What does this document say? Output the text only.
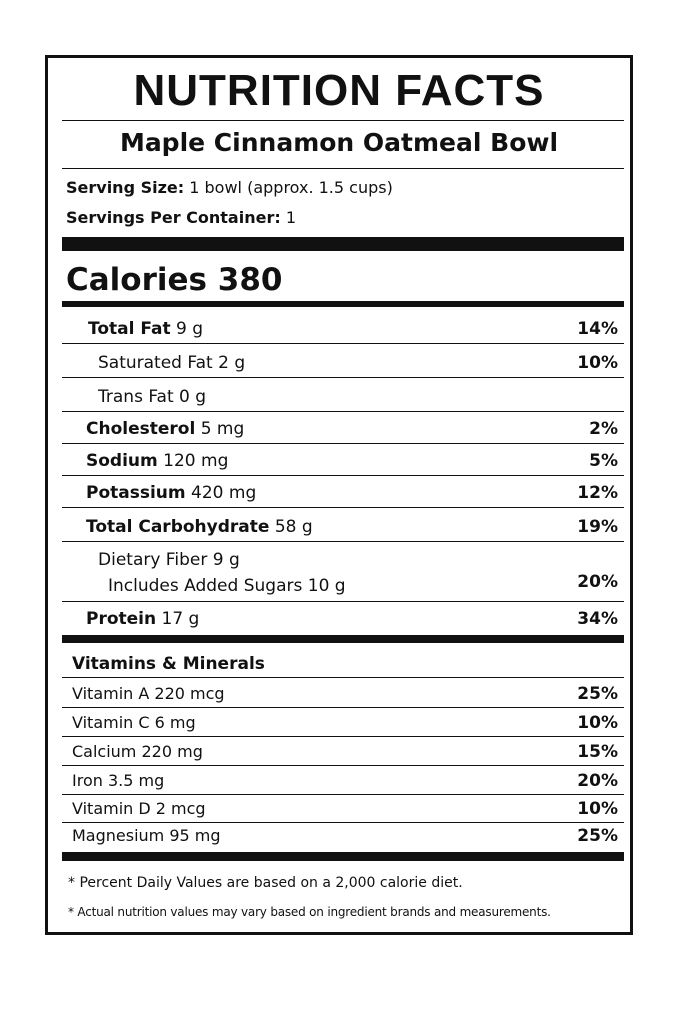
NUTRITION FACTS
Maple Cinnamon Oatmeal Bowl
Serving Size: 1 bowl (approx. 1.5 cups)
Servings Per Container: 1
Calories 380
Total Fat 9 g	14%
Saturated Fat 2 g	10%
Trans Fat 0 g
Cholesterol 5 mg	2%
Sodium 120 mg	5%
Potassium 420 mg	12%
Total Carbohydrate 58 g	19%
Dietary Fiber 9 g
Includes Added Sugars 10 g	20%
Protein 17 g	34%
Vitamins & Minerals
Vitamin A 220 mcg	25%
Vitamin C 6 mg	10%
Calcium 220 mg	15%
Iron 3.5 mg	20%
Vitamin D 2 mcg	10%
Magnesium 95 mg	25%
* Percent Daily Values are based on a 2,000 calorie diet.
* Actual nutrition values may vary based on ingredient brands and measurements.
